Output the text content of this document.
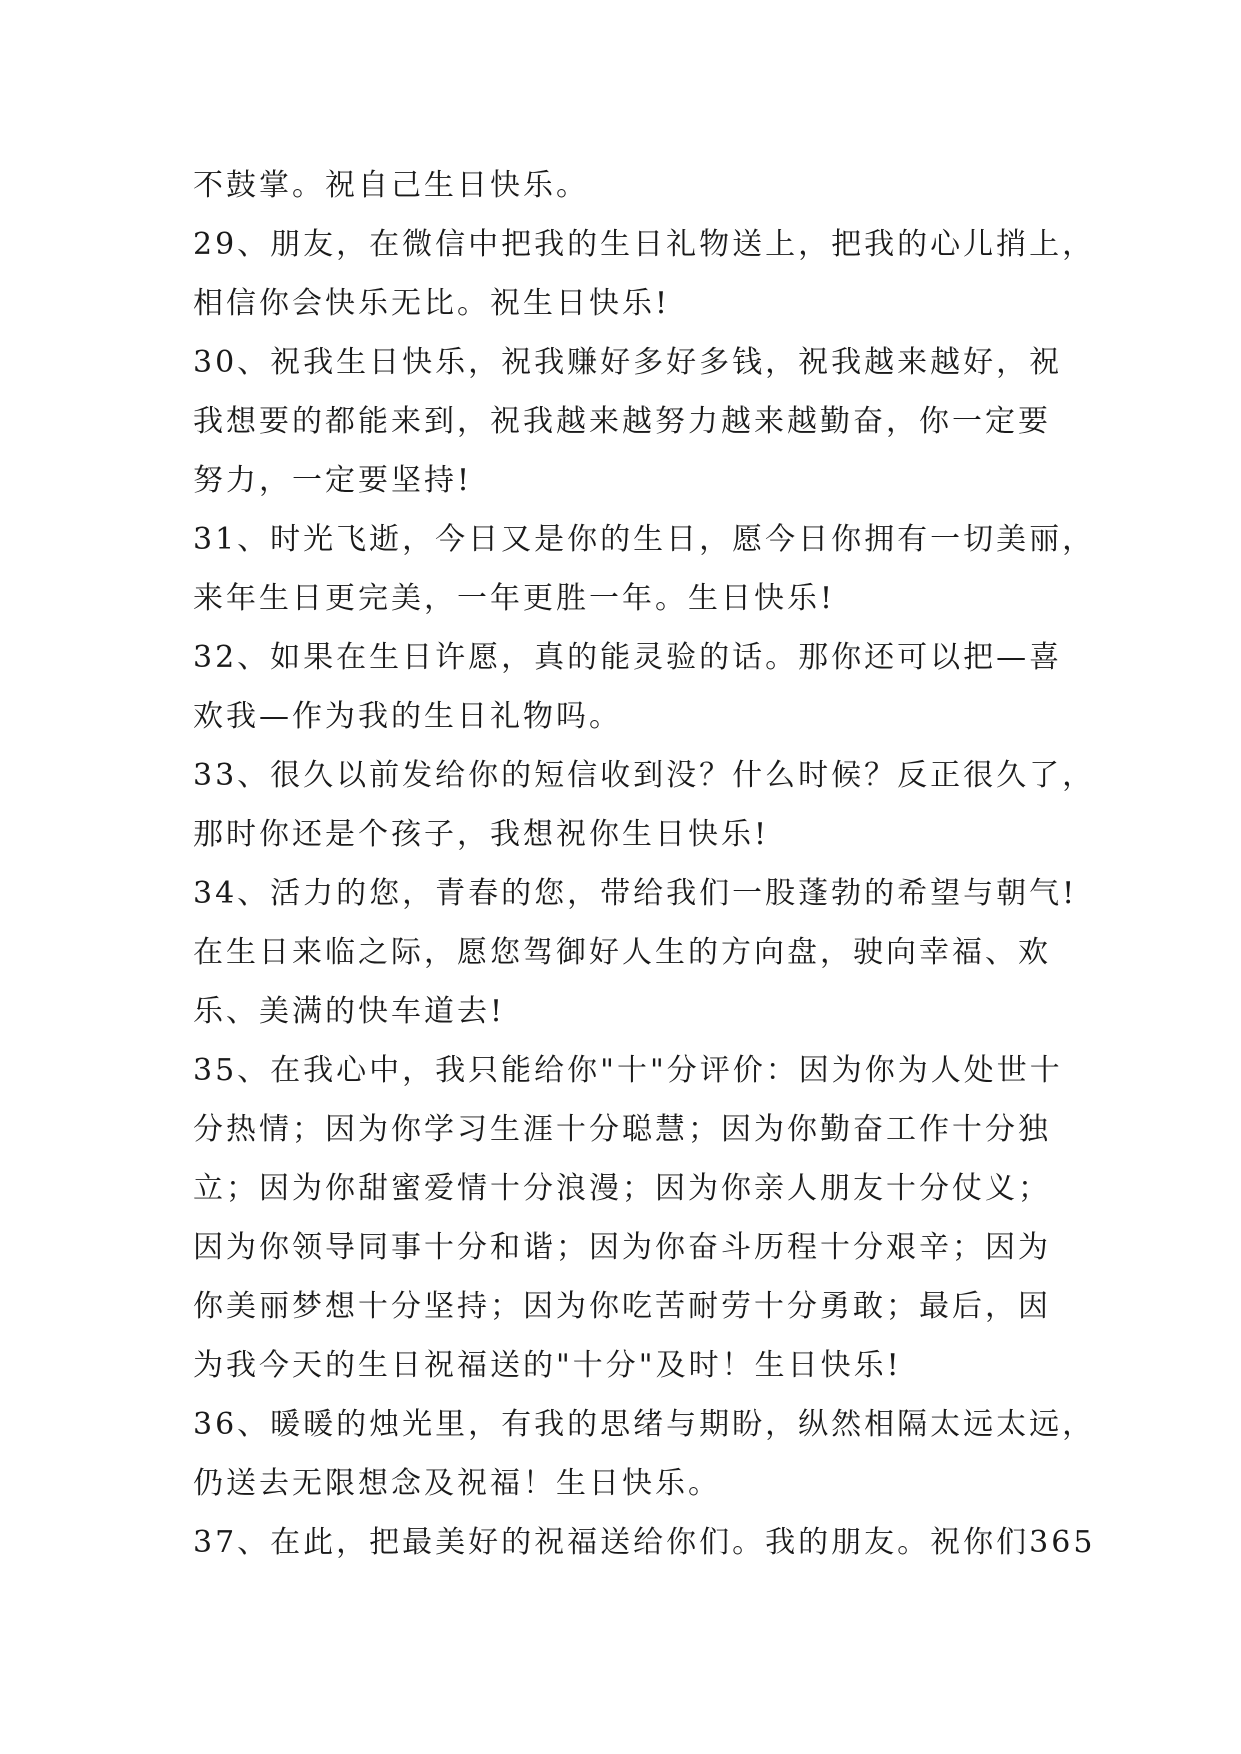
不鼓掌。祝自己生日快乐。

29、朋友，在微信中把我的生日礼物送上，把我的心儿捎上，

相信你会快乐无比。祝生日快乐!

30、祝我生日快乐，祝我赚好多好多钱，祝我越来越好，祝

我想要的都能来到，祝我越来越努力越来越勤奋，你一定要

努力，一定要坚持!

31、时光飞逝，今日又是你的生日，愿今日你拥有一切美丽，

来年生日更完美，一年更胜一年。生日快乐!

32、如果在生日许愿，真的能灵验的话。那你还可以把—喜

欢我—作为我的生日礼物吗。

33、很久以前发给你的短信收到没？什么时候？反正很久了，

那时你还是个孩子，我想祝你生日快乐!

34、活力的您，青春的您，带给我们一股蓬勃的希望与朝气!

在生日来临之际，愿您驾御好人生的方向盘，驶向幸福、欢

乐、美满的快车道去!

35、在我心中，我只能给你"十"分评价：因为你为人处世十

分热情；因为你学习生涯十分聪慧；因为你勤奋工作十分独

立；因为你甜蜜爱情十分浪漫；因为你亲人朋友十分仗义；

因为你领导同事十分和谐；因为你奋斗历程十分艰辛；因为

你美丽梦想十分坚持；因为你吃苦耐劳十分勇敢；最后，因

为我今天的生日祝福送的"十分"及时！生日快乐!

36、暖暖的烛光里，有我的思绪与期盼，纵然相隔太远太远，

仍送去无限想念及祝福！生日快乐。

37、在此，把最美好的祝福送给你们。我的朋友。祝你们365
